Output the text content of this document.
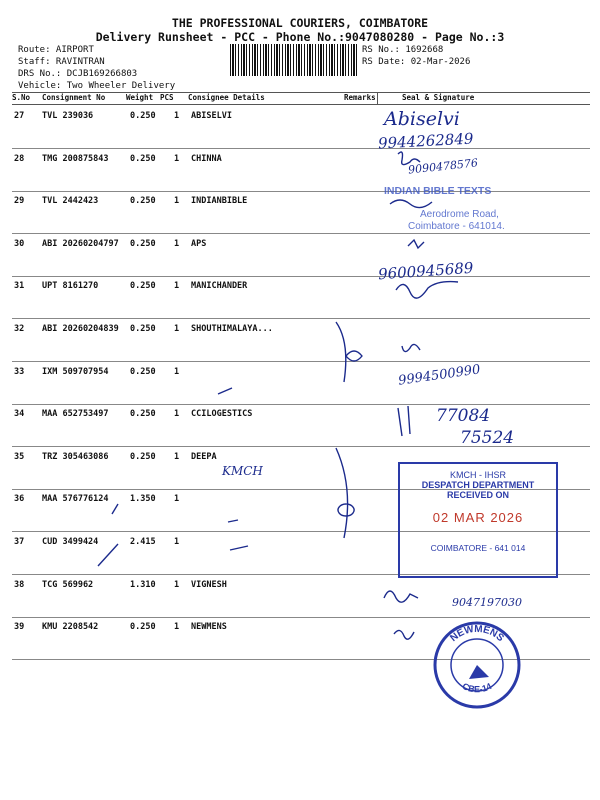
THE PROFESSIONAL COURIERS, COIMBATORE
Delivery Runsheet - PCC - Phone No.:9047080280 - Page No.:3
Route: AIRPORT
Staff: RAVINTRAN
DRS No.: DCJB169266803
Vehicle: Two Wheeler Delivery
RS No.: 1692668
RS Date: 02-Mar-2026
S.No Consignment No	Weight PCS Consignee Details	Remarks	Seal & Signature
27 TVL 239036	0.250 1 ABISELVI
28 TMG 200875843	0.250 1 CHINNA
29 TVL 2442423	0.250 1 INDIANBIBLE
30 ABI 20260204797 0.250 1 APS
31 UPT 8161270	0.250 1 MANICHANDER
32 ABI 20260204839 0.250 1 SHOUTHIMALAYA...
33 IXM 509707954	0.250 1
34 MAA 652753497	0.250 1 CCILOGESTICS
35 TRZ 305463086	0.250 1 DEEPA
36 MAA 576776124	1.350 1
37 CUD 3499424	2.415 1
38 TCG 569962	1.310 1 VIGNESH
39 KMU 2208542	0.250 1 NEWMENS
Abiselvi
9944262849
9090478576
INDIAN BIBLE TEXTS
Aerodrome Road,
Coimbatore - 641014.
9600945689
9994500990
77084
75524
KMCH
9047197030
KMCH - IHSR
DESPATCH DEPARTMENT
RECEIVED ON
02 MAR 2026
COIMBATORE - 641 014
NEWMENS
CBE-14
